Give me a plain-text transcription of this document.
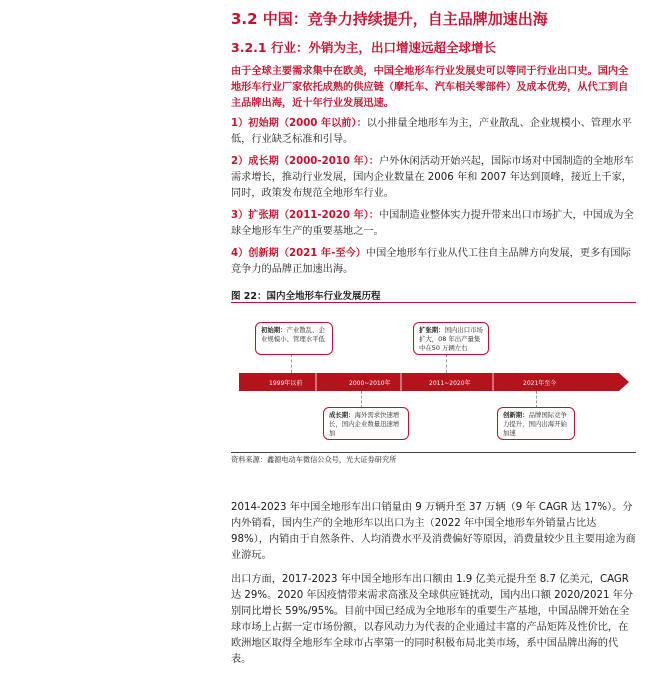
3.2 中国：竞争力持续提升，自主品牌加速出海
3.2.1 行业：外销为主，出口增速远超全球增长

由于全球主要需求集中在欧美，中国全地形车行业发展史可以等同于行业出口史。国内全地形车行业厂家依托成熟的供应链（摩托车、汽车相关零部件）及成本优势，从代工到自主品牌出海，近十年行业发展迅速。

1）初始期（2000 年以前）：以小排量全地形车为主，产业散乱、企业规模小、管理水平低，行业缺乏标准和引导。

2）成长期（2000-2010 年）：户外休闲活动开始兴起，国际市场对中国制造的全地形车需求增长，推动行业发展，国内企业数量在 2006 年和 2007 年达到顶峰，接近上千家，同时，政策发布规范全地形车行业。

3）扩张期（2011-2020 年）：中国制造业整体实力提升带来出口市场扩大，中国成为全球全地形车生产的重要基地之一。

4）创新期（2021 年-至今）中国全地形车行业从代工往自主品牌方向发展，更多有国际竞争力的品牌正加速出海。

图 22：国内全地形车行业发展历程
1999年以前	2000~2010年	2011~2020年	2021年至今
初始期：产业散乱、企业规模小、管理水平低
成长期：海外需求快速增长，国内企业数量迅速增加
扩张期：国内出口市场扩大，08 年出产量集中在50 万辆左右
创新期：品牌国际竞争力提升，国内出海开始加速
资料来源：鑫源电动车微信公众号，光大证券研究所

2014-2023 年中国全地形车出口销量由 9 万辆升至 37 万辆（9 年 CAGR 达 17%）。分内外销看，国内生产的全地形车以出口为主（2022 年中国全地形车外销量占比达 98%），内销由于自然条件、人均消费水平及消费偏好等原因，消费量较少且主要用途为商业游玩。

出口方面，2017-2023 年中国全地形车出口额由 1.9 亿美元提升至 8.7 亿美元，CAGR 达 29%。2020 年因疫情带来需求高涨及全球供应链扰动，国内出口额 2020/2021 年分别同比增长 59%/95%。目前中国已经成为全地形车的重要生产基地，中国品牌开始在全球市场上占据一定市场份额，以春风动力为代表的企业通过丰富的产品矩阵及性价比，在欧洲地区取得全地形车全球市占率第一的同时积极布局北美市场，系中国品牌出海的代表。
